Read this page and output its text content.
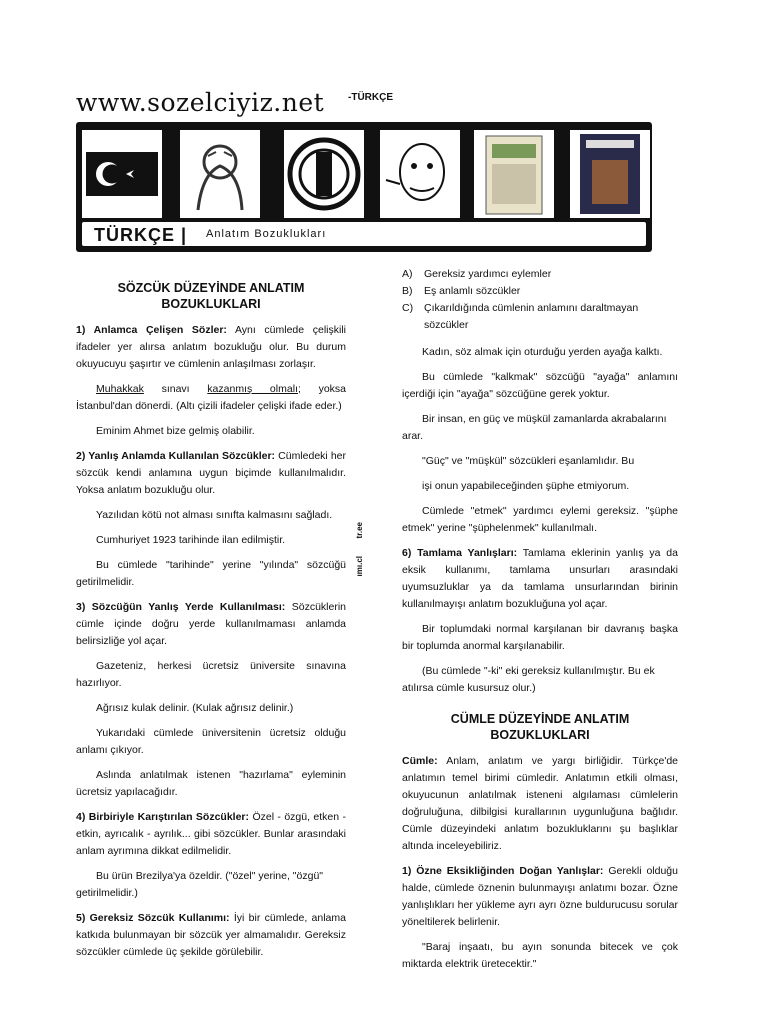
www.sozelciyiz.net -TÜRKÇE
TÜRKÇE | Anlatım Bozuklukları
tr.ee
ımı.cl
SÖZCÜK DÜZEYİNDE ANLATIM BOZUKLUKLARI

1) Anlamca Çelişen Sözler: Aynı cümlede çelişkili ifadeler yer alırsa anlatım bozukluğu olur. Bu durum okuyucuyu şaşırtır ve cümlenin anlaşılması zorlaşır.

Muhakkak sınavı kazanmış olmalı; yoksa İstanbul'dan dönerdi. (Altı çizili ifadeler çelişki ifade eder.)

Eminim Ahmet bize gelmiş olabilir.

2) Yanlış Anlamda Kullanılan Sözcükler: Cümledeki her sözcük kendi anlamına uygun biçimde kullanılmalıdır. Yoksa anlatım bozukluğu olur.

Yazılıdan kötü not alması sınıfta kalmasını sağladı.

Cumhuriyet 1923 tarihinde ilan edilmiştir.

Bu cümlede "tarihinde" yerine "yılında" sözcüğü getirilmelidir.

3) Sözcüğün Yanlış Yerde Kullanılması: Sözcüklerin cümle içinde doğru yerde kullanılmaması anlamda belirsizliğe yol açar.

Gazeteniz, herkesi ücretsiz üniversite sınavına hazırlıyor.

Ağrısız kulak delinir. (Kulak ağrısız delinir.)

Yukarıdaki cümlede üniversitenin ücretsiz olduğu anlamı çıkıyor.

Aslında anlatılmak istenen "hazırlama" eyleminin ücretsiz yapılacağıdır.

4) Birbiriyle Karıştırılan Sözcükler: Özel - özgü, etken - etkin, ayrıcalık - ayrılık... gibi sözcükler. Bunlar arasındaki anlam ayrımına dikkat edilmelidir.

Bu ürün Brezilya'ya özeldir. ("özel" yerine, "özgü" getirilmelidir.)

5) Gereksiz Sözcük Kullanımı: İyi bir cümlede, anlama katkıda bulunmayan bir sözcük yer almamalıdır. Gereksiz sözcükler cümlede üç şekilde görülebilir.

A) Gereksiz yardımcı eylemler
B) Eş anlamlı sözcükler
C) Çıkarıldığında cümlenin anlamını daraltmayan sözcükler

Kadın, söz almak için oturduğu yerden ayağa kalktı.

Bu cümlede "kalkmak" sözcüğü "ayağa" anlamını içerdiği için "ayağa" sözcüğüne gerek yoktur.

Bir insan, en güç ve müşkül zamanlarda akrabalarını arar.

"Güç" ve "müşkül" sözcükleri eşanlamlıdır. Bu

işi onun yapabileceğinden şüphe etmiyorum.

Cümlede "etmek" yardımcı eylemi gereksiz. "şüphe etmek" yerine "şüphelenmek" kullanılmalı.

6) Tamlama Yanlışları: Tamlama eklerinin yanlış ya da eksik kullanımı, tamlama unsurları arasındaki uyumsuzluklar ya da tamlama unsurlarından birinin kullanılmayışı anlatım bozukluğuna yol açar.

Bir toplumdaki normal karşılanan bir davranış başka bir toplumda anormal karşılanabilir.

(Bu cümlede "-ki" eki gereksiz kullanılmıştır. Bu ek atılırsa cümle kusursuz olur.)

CÜMLE DÜZEYİNDE ANLATIM BOZUKLUKLARI

Cümle: Anlam, anlatım ve yargı birliğidir. Türkçe'de anlatımın temel birimi cümledir. Anlatımın etkili olması, okuyucunun anlatılmak isteneni algılaması cümlelerin doğruluğuna, dilbilgisi kurallarının uygunluğuna bağlıdır. Cümle düzeyindeki anlatım bozukluklarını şu başlıklar altında inceleyebiliriz.

1) Özne Eksikliğinden Doğan Yanlışlar: Gerekli olduğu halde, cümlede öznenin bulunmayışı anlatımı bozar. Özne yanlışlıkları her yükleme ayrı ayrı özne buldurucusu sorular yöneltilerek belirlenir.

"Baraj inşaatı, bu ayın sonunda bitecek ve çok miktarda elektrik üretecektir."
